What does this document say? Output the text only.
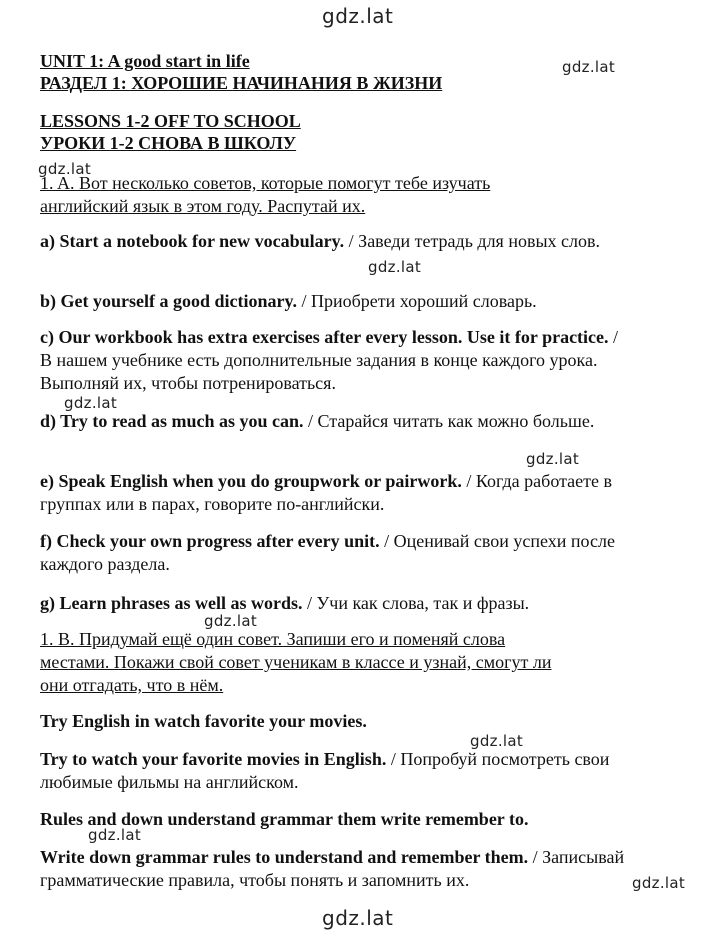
gdz.lat
gdz.lat
gdz.lat
gdz.lat
gdz.lat
gdz.lat
gdz.lat
gdz.lat
gdz.lat
gdz.lat
gdz.lat
UNIT 1: A good start in life
РАЗДЕЛ 1: ХОРОШИЕ НАЧИНАНИЯ В ЖИЗНИ
LESSONS 1-2 OFF TO SCHOOL
УРОКИ 1-2 СНОВА В ШКОЛУ
1. A. Вот несколько советов, которые помогут тебе изучать
английский язык в этом году. Распутай их.
a) Start a notebook for new vocabulary. / Заведи тетрадь для новых слов.
b) Get yourself a good dictionary. / Приобрети хороший словарь.
c) Our workbook has extra exercises after every lesson. Use it for practice. / В нашем учебнике есть дополнительные задания в конце каждого урока. Выполняй их, чтобы потренироваться.
d) Try to read as much as you can. / Старайся читать как можно больше.
e) Speak English when you do groupwork or pairwork. / Когда работаете в группах или в парах, говорите по-английски.
f) Check your own progress after every unit. / Оценивай свои успехи после каждого раздела.
g) Learn phrases as well as words. / Учи как слова, так и фразы.
1. B. Придумай ещё один совет. Запиши его и поменяй слова
местами. Покажи свой совет ученикам в классе и узнай, смогут ли
они отгадать, что в нём.
Try English in watch favorite your movies.
Try to watch your favorite movies in English. / Попробуй посмотреть свои любимые фильмы на английском.
Rules and down understand grammar them write remember to.
Write down grammar rules to understand and remember them. / Записывай грамматические правила, чтобы понять и запомнить их.
